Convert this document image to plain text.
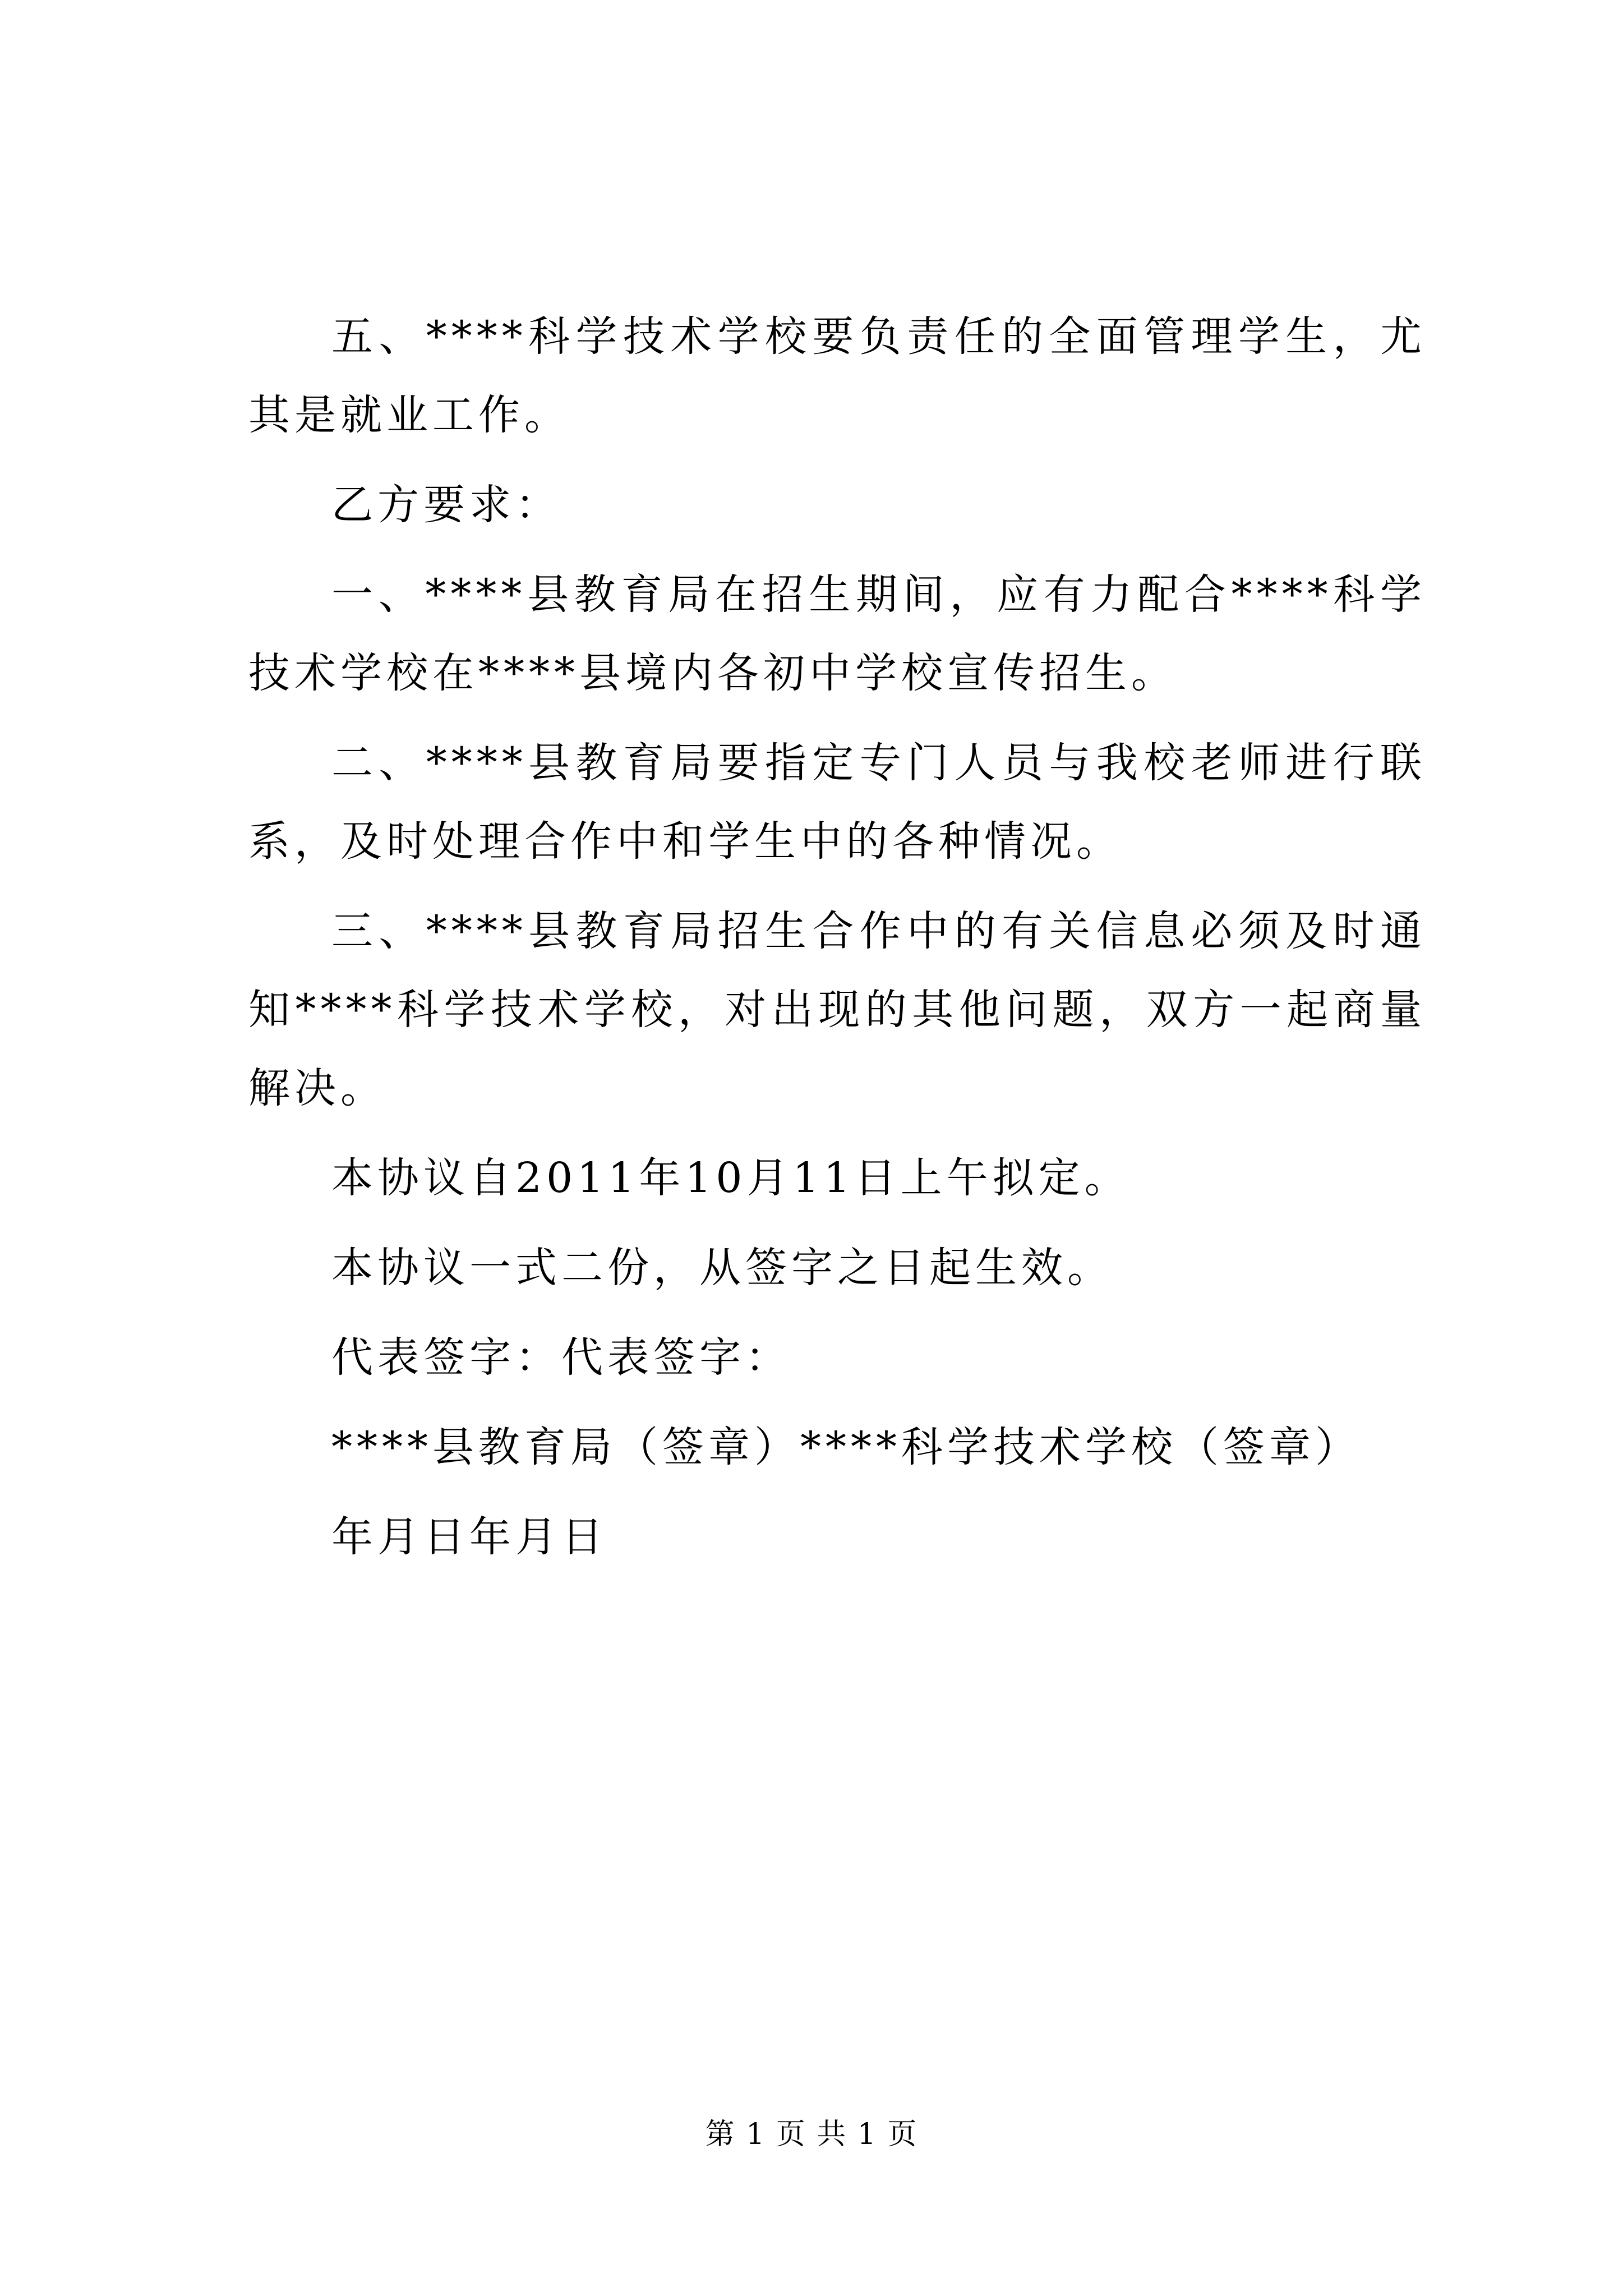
五、****科学技术学校要负责任的全面管理学生，尤其是就业工作。

乙方要求：

一、****县教育局在招生期间，应有力配合****科学技术学校在****县境内各初中学校宣传招生。

二、****县教育局要指定专门人员与我校老师进行联系，及时处理合作中和学生中的各种情况。

三、****县教育局招生合作中的有关信息必须及时通知****科学技术学校，对出现的其他问题，双方一起商量解决。

本协议自2011年10月11日上午拟定。

本协议一式二份，从签字之日起生效。

代表签字：代表签字：

****县教育局（签章）****科学技术学校（签章）

年月日年月日

第 1 页 共 1 页
